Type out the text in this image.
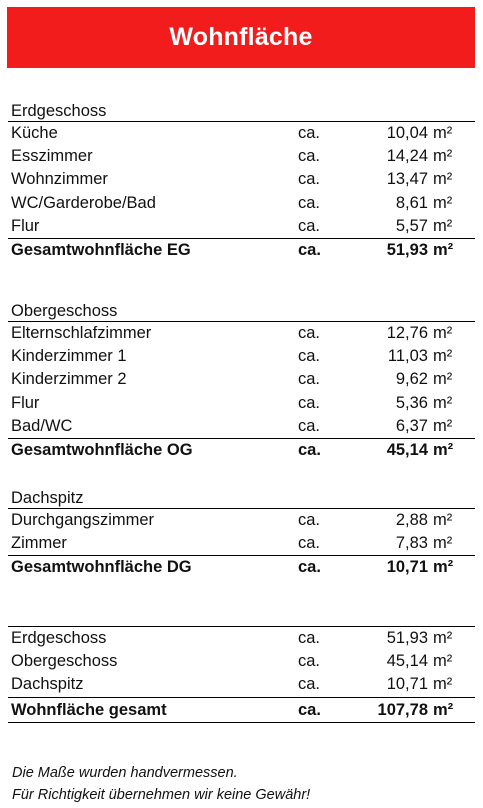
Wohnfläche
Erdgeschoss
Küche	ca.	10,04 m²
Esszimmer	ca.	14,24 m²
Wohnzimmer	ca.	13,47 m²
WC/Garderobe/Bad	ca.	8,61 m²
Flur	ca.	5,57 m²
Gesamtwohnfläche EG	ca.	51,93 m²
Obergeschoss
Elternschlafzimmer	ca.	12,76 m²
Kinderzimmer 1	ca.	11,03 m²
Kinderzimmer 2	ca.	9,62 m²
Flur	ca.	5,36 m²
Bad/WC	ca.	6,37 m²
Gesamtwohnfläche OG	ca.	45,14 m²
Dachspitz
Durchgangszimmer	ca.	2,88 m²
Zimmer	ca.	7,83 m²
Gesamtwohnfläche DG	ca.	10,71 m²
Erdgeschoss	ca.	51,93 m²
Obergeschoss	ca.	45,14 m²
Dachspitz	ca.	10,71 m²
Wohnfläche gesamt	ca.	107,78 m²
Die Maße wurden handvermessen.
Für Richtigkeit übernehmen wir keine Gewähr!
